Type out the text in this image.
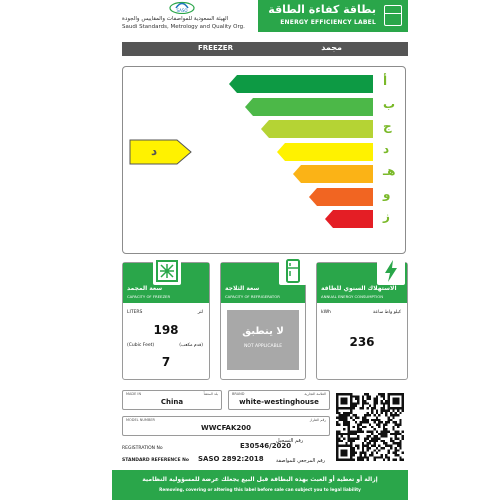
SASO
الهيئة السعودية للمواصفات والمقاييس والجودة
Saudi Standards, Metrology and Quality Org.
بطاقة كفاءة الطاقة
ENERGY EFFICIENCY LABEL
FREEZER	مجمد
أ
ب
ج
د
هـ
و
ز
د
سعة المجمد
CAPACITY OF FREEZER
LITERS	لتر
198
(Cubic Feet)	(قدم مكعب)
7
سعة الثلاجة
CAPACITY OF REFRIGERATOR
لا ينطبق
NOT APPLICABLE
الاستهلاك السنوي للطاقة
ANNUAL ENERGY CONSUMPTION
kWh	كيلو واط ساعة
236
MADE IN	بلد المنشأ
China
BRAND	العلامة التجارية
white-westinghouse
MODEL NUMBER	رقم الطراز
WWCFAK200
رقم التسجيل
REGISTRATION No	E30546/2020
STANDARD REFERENCE No SASO 2892:2018 رقم المرجعي للمواصفة
إزالة أو تغطية أو العبث بهذه البطاقة قبل البيع يجعلك عرضة للمسؤولية النظامية
Removing, covering or altering this label before sale can subject you to legal liability
